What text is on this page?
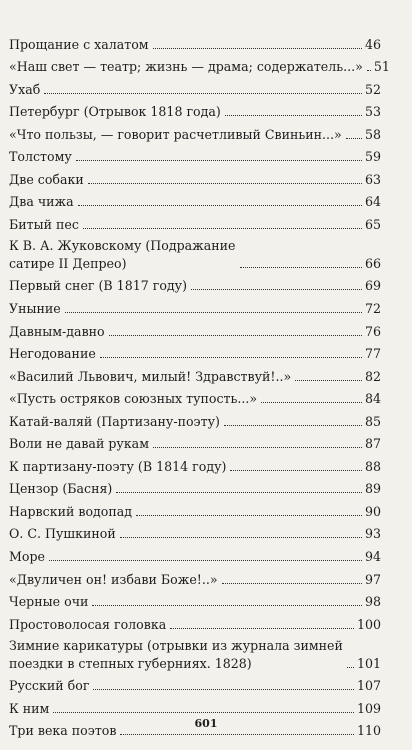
Прощание с халатом	46
«Наш свет — театр; жизнь — драма; содержатель...» 51
Ухаб	52
Петербург (Отрывок 1818 года)	53
«Что пользы, — говорит расчетливый Свиньин...» 58
Толстому	59
Две собаки	63
Два чижа	64
Битый пес	65
К В. А. Жуковскому (Подражание
сатире II Депрео)	66
Первый снег (В 1817 году)	69
Уныние	72
Давным-давно	76
Негодование	77
«Василий Львович, милый! Здравствуй!..»	82
«Пусть остряков союзных тупость...»	84
Катай-валяй (Партизану-поэту)	85
Воли не давай рукам	87
К партизану-поэту (В 1814 году)	88
Цензор (Басня)	89
Нарвский водопад	90
О. С. Пушкиной	93
Море	94
«Двуличен он! избави Боже!..»	97
Черные очи	98
Простоволосая головка	100
Зимние карикатуры (отрывки из журнала зимней
поездки в степных губерниях. 1828)	101
Русский бог	107
К ним	109
Три века поэтов	110
601
